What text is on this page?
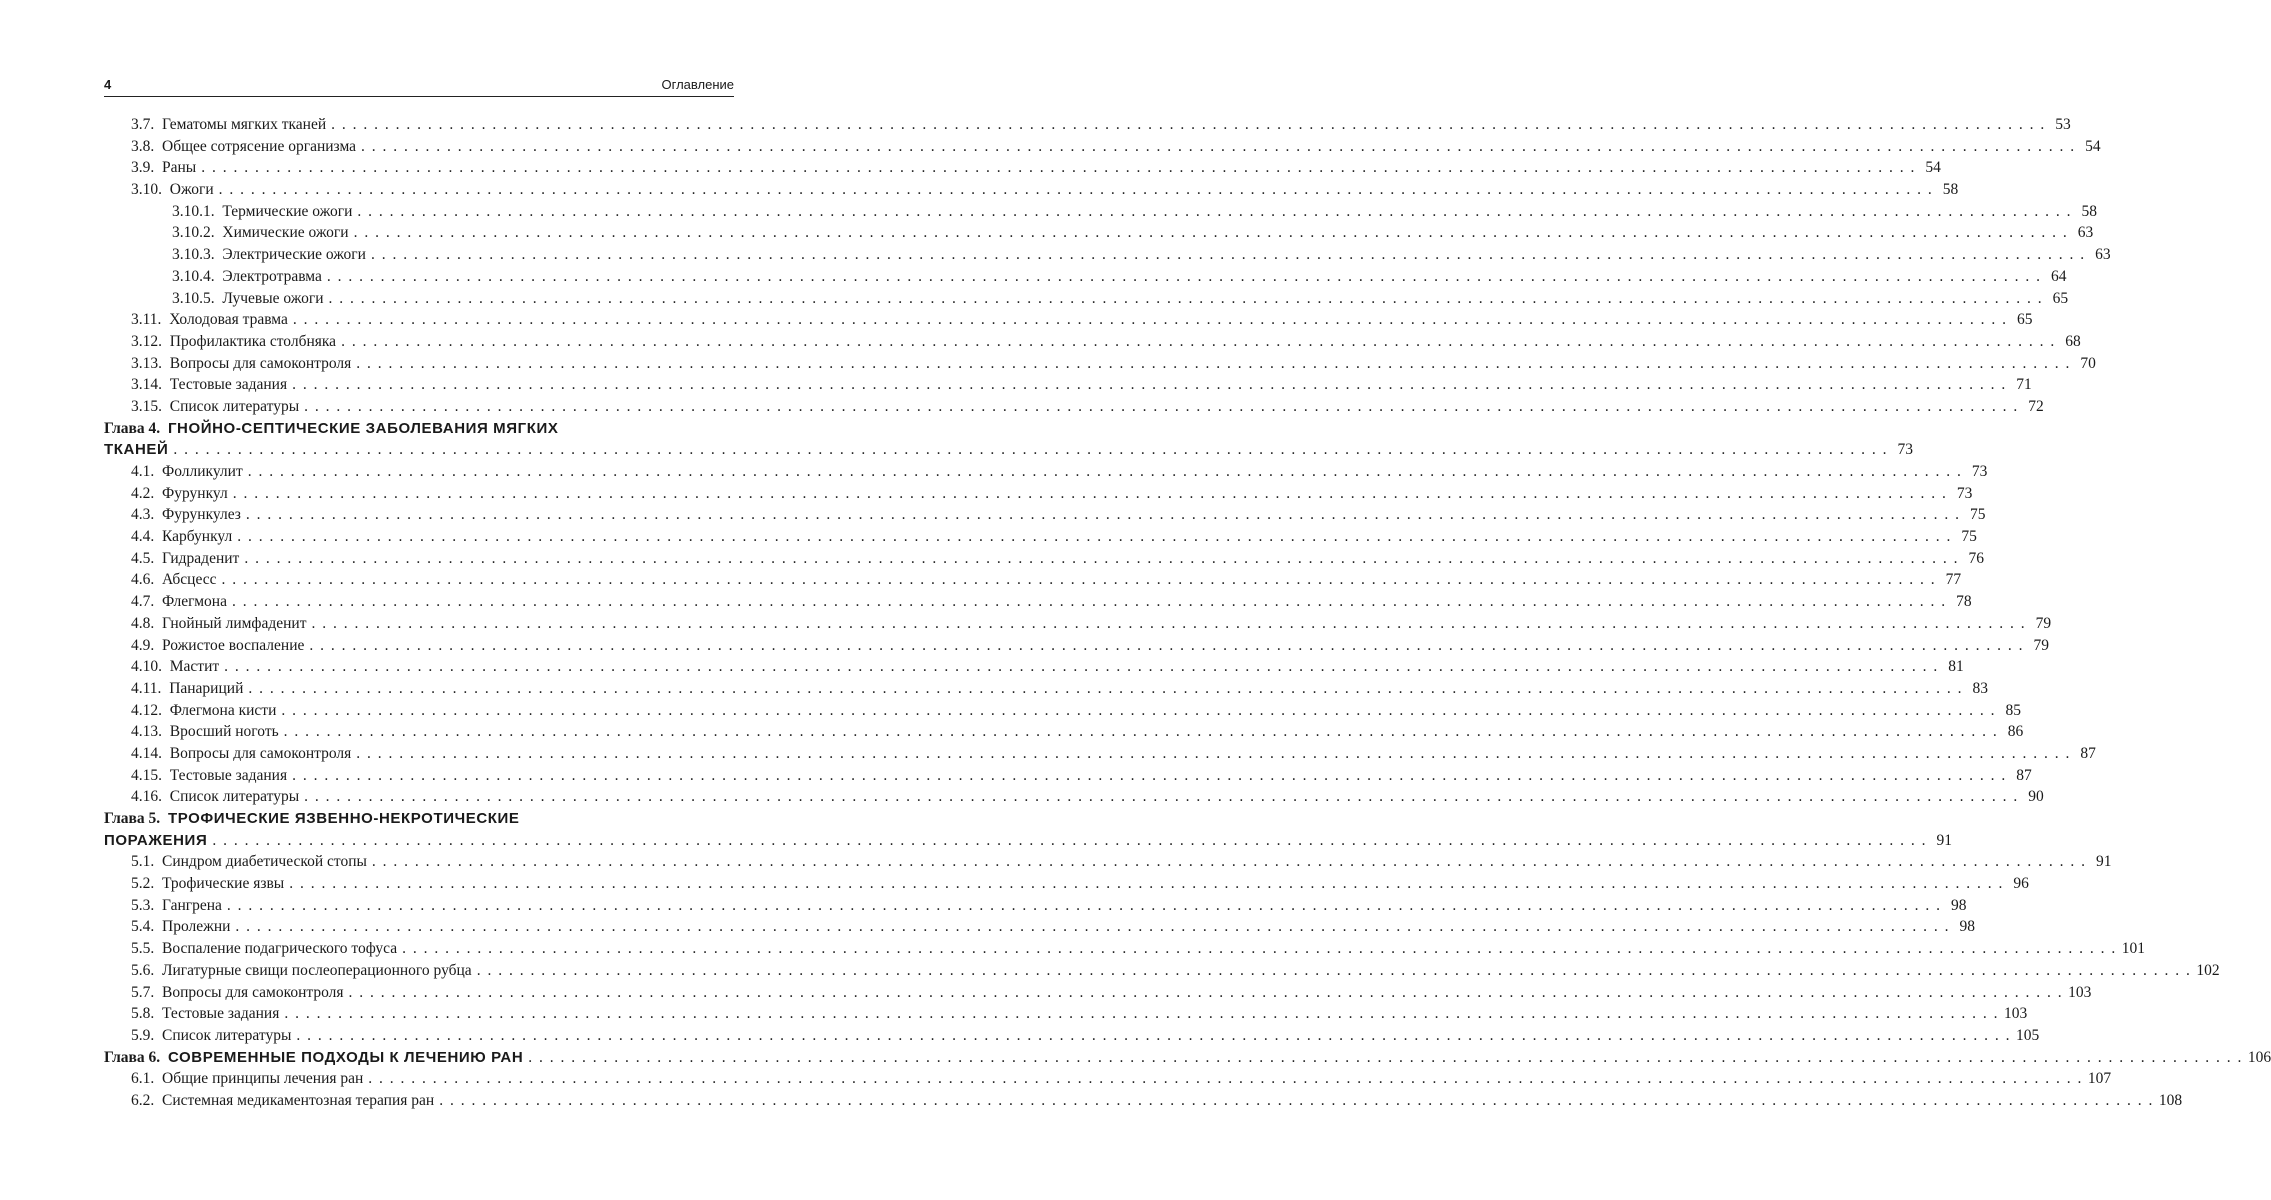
4	Оглавление
3.7.
Гематомы мягких тканей . . . . . . . . . . . . . . . . . . . . . . . . . . . . . . . . . . . . . . . . . . . . . . . . . . . . . . . . . . . . . . . . . . . . . . . . . . . . . . . . . . . . . . . . . . . . . . . . . . . . . . . . . . . . . . . . . . . . . . . . . . . . . . . . . . . . . . . . . . . . . . . . . . . . . . . . . . . . . . . . 53
3.8.
Общее сотрясение организма . . . . . . . . . . . . . . . . . . . . . . . . . . . . . . . . . . . . . . . . . . . . . . . . . . . . . . . . . . . . . . . . . . . . . . . . . . . . . . . . . . . . . . . . . . . . . . . . . . . . . . . . . . . . . . . . . . . . . . . . . . . . . . . . . . . . . . . . . . . . . . . . . . . . . . . . . . . . . . . . 54
3.9.
Раны . . . . . . . . . . . . . . . . . . . . . . . . . . . . . . . . . . . . . . . . . . . . . . . . . . . . . . . . . . . . . . . . . . . . . . . . . . . . . . . . . . . . . . . . . . . . . . . . . . . . . . . . . . . . . . . . . . . . . . . . . . . . . . . . . . . . . . . . . . . . . . . . . . . . . . . . . . . . . . . . 54
3.10.
Ожоги . . . . . . . . . . . . . . . . . . . . . . . . . . . . . . . . . . . . . . . . . . . . . . . . . . . . . . . . . . . . . . . . . . . . . . . . . . . . . . . . . . . . . . . . . . . . . . . . . . . . . . . . . . . . . . . . . . . . . . . . . . . . . . . . . . . . . . . . . . . . . . . . . . . . . . . . . . . . . . . . 58
3.10.1.
Термические ожоги . . . . . . . . . . . . . . . . . . . . . . . . . . . . . . . . . . . . . . . . . . . . . . . . . . . . . . . . . . . . . . . . . . . . . . . . . . . . . . . . . . . . . . . . . . . . . . . . . . . . . . . . . . . . . . . . . . . . . . . . . . . . . . . . . . . . . . . . . . . . . . . . . . . . . . . . . . . . . . . . 58
3.10.2.
Химические ожоги . . . . . . . . . . . . . . . . . . . . . . . . . . . . . . . . . . . . . . . . . . . . . . . . . . . . . . . . . . . . . . . . . . . . . . . . . . . . . . . . . . . . . . . . . . . . . . . . . . . . . . . . . . . . . . . . . . . . . . . . . . . . . . . . . . . . . . . . . . . . . . . . . . . . . . . . . . . . . . . . 63
3.10.3.
Электрические ожоги . . . . . . . . . . . . . . . . . . . . . . . . . . . . . . . . . . . . . . . . . . . . . . . . . . . . . . . . . . . . . . . . . . . . . . . . . . . . . . . . . . . . . . . . . . . . . . . . . . . . . . . . . . . . . . . . . . . . . . . . . . . . . . . . . . . . . . . . . . . . . . . . . . . . . . . . . . . . . . . . 63
3.10.4.
Электротравма . . . . . . . . . . . . . . . . . . . . . . . . . . . . . . . . . . . . . . . . . . . . . . . . . . . . . . . . . . . . . . . . . . . . . . . . . . . . . . . . . . . . . . . . . . . . . . . . . . . . . . . . . . . . . . . . . . . . . . . . . . . . . . . . . . . . . . . . . . . . . . . . . . . . . . . . . . . . . . . . 64
3.10.5.
Лучевые ожоги . . . . . . . . . . . . . . . . . . . . . . . . . . . . . . . . . . . . . . . . . . . . . . . . . . . . . . . . . . . . . . . . . . . . . . . . . . . . . . . . . . . . . . . . . . . . . . . . . . . . . . . . . . . . . . . . . . . . . . . . . . . . . . . . . . . . . . . . . . . . . . . . . . . . . . . . . . . . . . . . 65
3.11.
Холодовая травма . . . . . . . . . . . . . . . . . . . . . . . . . . . . . . . . . . . . . . . . . . . . . . . . . . . . . . . . . . . . . . . . . . . . . . . . . . . . . . . . . . . . . . . . . . . . . . . . . . . . . . . . . . . . . . . . . . . . . . . . . . . . . . . . . . . . . . . . . . . . . . . . . . . . . . . . . . . . . . . . 65
3.12.
Профилактика столбняка . . . . . . . . . . . . . . . . . . . . . . . . . . . . . . . . . . . . . . . . . . . . . . . . . . . . . . . . . . . . . . . . . . . . . . . . . . . . . . . . . . . . . . . . . . . . . . . . . . . . . . . . . . . . . . . . . . . . . . . . . . . . . . . . . . . . . . . . . . . . . . . . . . . . . . . . . . . . . . . . 68
3.13.
Вопросы для самоконтроля . . . . . . . . . . . . . . . . . . . . . . . . . . . . . . . . . . . . . . . . . . . . . . . . . . . . . . . . . . . . . . . . . . . . . . . . . . . . . . . . . . . . . . . . . . . . . . . . . . . . . . . . . . . . . . . . . . . . . . . . . . . . . . . . . . . . . . . . . . . . . . . . . . . . . . . . . . . . . . . . 70
3.14.
Тестовые задания . . . . . . . . . . . . . . . . . . . . . . . . . . . . . . . . . . . . . . . . . . . . . . . . . . . . . . . . . . . . . . . . . . . . . . . . . . . . . . . . . . . . . . . . . . . . . . . . . . . . . . . . . . . . . . . . . . . . . . . . . . . . . . . . . . . . . . . . . . . . . . . . . . . . . . . . . . . . . . . . 71
3.15.
Список литературы . . . . . . . . . . . . . . . . . . . . . . . . . . . . . . . . . . . . . . . . . . . . . . . . . . . . . . . . . . . . . . . . . . . . . . . . . . . . . . . . . . . . . . . . . . . . . . . . . . . . . . . . . . . . . . . . . . . . . . . . . . . . . . . . . . . . . . . . . . . . . . . . . . . . . . . . . . . . . . . . 72
Глава 4. ГНОЙНО-СЕПТИЧЕСКИЕ ЗАБОЛЕВАНИЯ МЯГКИХ
ТКАНЕЙ . . . . . . . . . . . . . . . . . . . . . . . . . . . . . . . . . . . . . . . . . . . . . . . . . . . . . . . . . . . . . . . . . . . . . . . . . . . . . . . . . . . . . . . . . . . . . . . . . . . . . . . . . . . . . . . . . . . . . . . . . . . . . . . . . . . . . . . . . . . . . . . . . . . . . . . . . . . . . . . . 73
4.1.
Фолликулит . . . . . . . . . . . . . . . . . . . . . . . . . . . . . . . . . . . . . . . . . . . . . . . . . . . . . . . . . . . . . . . . . . . . . . . . . . . . . . . . . . . . . . . . . . . . . . . . . . . . . . . . . . . . . . . . . . . . . . . . . . . . . . . . . . . . . . . . . . . . . . . . . . . . . . . . . . . . . . . . 73
4.2.
Фурункул . . . . . . . . . . . . . . . . . . . . . . . . . . . . . . . . . . . . . . . . . . . . . . . . . . . . . . . . . . . . . . . . . . . . . . . . . . . . . . . . . . . . . . . . . . . . . . . . . . . . . . . . . . . . . . . . . . . . . . . . . . . . . . . . . . . . . . . . . . . . . . . . . . . . . . . . . . . . . . . . 73
4.3.
Фурункулез . . . . . . . . . . . . . . . . . . . . . . . . . . . . . . . . . . . . . . . . . . . . . . . . . . . . . . . . . . . . . . . . . . . . . . . . . . . . . . . . . . . . . . . . . . . . . . . . . . . . . . . . . . . . . . . . . . . . . . . . . . . . . . . . . . . . . . . . . . . . . . . . . . . . . . . . . . . . . . . . 75
4.4.
Карбункул . . . . . . . . . . . . . . . . . . . . . . . . . . . . . . . . . . . . . . . . . . . . . . . . . . . . . . . . . . . . . . . . . . . . . . . . . . . . . . . . . . . . . . . . . . . . . . . . . . . . . . . . . . . . . . . . . . . . . . . . . . . . . . . . . . . . . . . . . . . . . . . . . . . . . . . . . . . . . . . . 75
4.5.
Гидраденит . . . . . . . . . . . . . . . . . . . . . . . . . . . . . . . . . . . . . . . . . . . . . . . . . . . . . . . . . . . . . . . . . . . . . . . . . . . . . . . . . . . . . . . . . . . . . . . . . . . . . . . . . . . . . . . . . . . . . . . . . . . . . . . . . . . . . . . . . . . . . . . . . . . . . . . . . . . . . . . . 76
4.6.
Абсцесс . . . . . . . . . . . . . . . . . . . . . . . . . . . . . . . . . . . . . . . . . . . . . . . . . . . . . . . . . . . . . . . . . . . . . . . . . . . . . . . . . . . . . . . . . . . . . . . . . . . . . . . . . . . . . . . . . . . . . . . . . . . . . . . . . . . . . . . . . . . . . . . . . . . . . . . . . . . . . . . . 77
4.7.
Флегмона . . . . . . . . . . . . . . . . . . . . . . . . . . . . . . . . . . . . . . . . . . . . . . . . . . . . . . . . . . . . . . . . . . . . . . . . . . . . . . . . . . . . . . . . . . . . . . . . . . . . . . . . . . . . . . . . . . . . . . . . . . . . . . . . . . . . . . . . . . . . . . . . . . . . . . . . . . . . . . . . 78
4.8.
Гнойный лимфаденит . . . . . . . . . . . . . . . . . . . . . . . . . . . . . . . . . . . . . . . . . . . . . . . . . . . . . . . . . . . . . . . . . . . . . . . . . . . . . . . . . . . . . . . . . . . . . . . . . . . . . . . . . . . . . . . . . . . . . . . . . . . . . . . . . . . . . . . . . . . . . . . . . . . . . . . . . . . . . . . . 79
4.9.
Рожистое воспаление . . . . . . . . . . . . . . . . . . . . . . . . . . . . . . . . . . . . . . . . . . . . . . . . . . . . . . . . . . . . . . . . . . . . . . . . . . . . . . . . . . . . . . . . . . . . . . . . . . . . . . . . . . . . . . . . . . . . . . . . . . . . . . . . . . . . . . . . . . . . . . . . . . . . . . . . . . . . . . . . 79
4.10.
Мастит . . . . . . . . . . . . . . . . . . . . . . . . . . . . . . . . . . . . . . . . . . . . . . . . . . . . . . . . . . . . . . . . . . . . . . . . . . . . . . . . . . . . . . . . . . . . . . . . . . . . . . . . . . . . . . . . . . . . . . . . . . . . . . . . . . . . . . . . . . . . . . . . . . . . . . . . . . . . . . . . 81
4.11.
Панариций . . . . . . . . . . . . . . . . . . . . . . . . . . . . . . . . . . . . . . . . . . . . . . . . . . . . . . . . . . . . . . . . . . . . . . . . . . . . . . . . . . . . . . . . . . . . . . . . . . . . . . . . . . . . . . . . . . . . . . . . . . . . . . . . . . . . . . . . . . . . . . . . . . . . . . . . . . . . . . . . 83
4.12.
Флегмона кисти . . . . . . . . . . . . . . . . . . . . . . . . . . . . . . . . . . . . . . . . . . . . . . . . . . . . . . . . . . . . . . . . . . . . . . . . . . . . . . . . . . . . . . . . . . . . . . . . . . . . . . . . . . . . . . . . . . . . . . . . . . . . . . . . . . . . . . . . . . . . . . . . . . . . . . . . . . . . . . . . 85
4.13.
Вросший ноготь . . . . . . . . . . . . . . . . . . . . . . . . . . . . . . . . . . . . . . . . . . . . . . . . . . . . . . . . . . . . . . . . . . . . . . . . . . . . . . . . . . . . . . . . . . . . . . . . . . . . . . . . . . . . . . . . . . . . . . . . . . . . . . . . . . . . . . . . . . . . . . . . . . . . . . . . . . . . . . . . 86
4.14.
Вопросы для самоконтроля . . . . . . . . . . . . . . . . . . . . . . . . . . . . . . . . . . . . . . . . . . . . . . . . . . . . . . . . . . . . . . . . . . . . . . . . . . . . . . . . . . . . . . . . . . . . . . . . . . . . . . . . . . . . . . . . . . . . . . . . . . . . . . . . . . . . . . . . . . . . . . . . . . . . . . . . . . . . . . . . 87
4.15.
Тестовые задания . . . . . . . . . . . . . . . . . . . . . . . . . . . . . . . . . . . . . . . . . . . . . . . . . . . . . . . . . . . . . . . . . . . . . . . . . . . . . . . . . . . . . . . . . . . . . . . . . . . . . . . . . . . . . . . . . . . . . . . . . . . . . . . . . . . . . . . . . . . . . . . . . . . . . . . . . . . . . . . . 87
4.16.
Список литературы . . . . . . . . . . . . . . . . . . . . . . . . . . . . . . . . . . . . . . . . . . . . . . . . . . . . . . . . . . . . . . . . . . . . . . . . . . . . . . . . . . . . . . . . . . . . . . . . . . . . . . . . . . . . . . . . . . . . . . . . . . . . . . . . . . . . . . . . . . . . . . . . . . . . . . . . . . . . . . . . 90
Глава 5. ТРОФИЧЕСКИЕ ЯЗВЕННО-НЕКРОТИЧЕСКИЕ
ПОРАЖЕНИЯ . . . . . . . . . . . . . . . . . . . . . . . . . . . . . . . . . . . . . . . . . . . . . . . . . . . . . . . . . . . . . . . . . . . . . . . . . . . . . . . . . . . . . . . . . . . . . . . . . . . . . . . . . . . . . . . . . . . . . . . . . . . . . . . . . . . . . . . . . . . . . . . . . . . . . . . . . . . . . . . . 91
5.1.
Синдром диабетической стопы . . . . . . . . . . . . . . . . . . . . . . . . . . . . . . . . . . . . . . . . . . . . . . . . . . . . . . . . . . . . . . . . . . . . . . . . . . . . . . . . . . . . . . . . . . . . . . . . . . . . . . . . . . . . . . . . . . . . . . . . . . . . . . . . . . . . . . . . . . . . . . . . . . . . . . . . . . . . . . . . 91
5.2.
Трофические язвы . . . . . . . . . . . . . . . . . . . . . . . . . . . . . . . . . . . . . . . . . . . . . . . . . . . . . . . . . . . . . . . . . . . . . . . . . . . . . . . . . . . . . . . . . . . . . . . . . . . . . . . . . . . . . . . . . . . . . . . . . . . . . . . . . . . . . . . . . . . . . . . . . . . . . . . . . . . . . . . . 96
5.3.
Гангрена . . . . . . . . . . . . . . . . . . . . . . . . . . . . . . . . . . . . . . . . . . . . . . . . . . . . . . . . . . . . . . . . . . . . . . . . . . . . . . . . . . . . . . . . . . . . . . . . . . . . . . . . . . . . . . . . . . . . . . . . . . . . . . . . . . . . . . . . . . . . . . . . . . . . . . . . . . . . . . . . 98
5.4.
Пролежни . . . . . . . . . . . . . . . . . . . . . . . . . . . . . . . . . . . . . . . . . . . . . . . . . . . . . . . . . . . . . . . . . . . . . . . . . . . . . . . . . . . . . . . . . . . . . . . . . . . . . . . . . . . . . . . . . . . . . . . . . . . . . . . . . . . . . . . . . . . . . . . . . . . . . . . . . . . . . . . . 98
5.5.
Воспаление подагрического тофуса . . . . . . . . . . . . . . . . . . . . . . . . . . . . . . . . . . . . . . . . . . . . . . . . . . . . . . . . . . . . . . . . . . . . . . . . . . . . . . . . . . . . . . . . . . . . . . . . . . . . . . . . . . . . . . . . . . . . . . . . . . . . . . . . . . . . . . . . . . . . . . . . . . . . . . . . . . . . . . . . 101
5.6.
Лигатурные свищи послеоперационного рубца . . . . . . . . . . . . . . . . . . . . . . . . . . . . . . . . . . . . . . . . . . . . . . . . . . . . . . . . . . . . . . . . . . . . . . . . . . . . . . . . . . . . . . . . . . . . . . . . . . . . . . . . . . . . . . . . . . . . . . . . . . . . . . . . . . . . . . . . . . . . . . . . . . . . . . . . . . . . . . . . 102
5.7.
Вопросы для самоконтроля . . . . . . . . . . . . . . . . . . . . . . . . . . . . . . . . . . . . . . . . . . . . . . . . . . . . . . . . . . . . . . . . . . . . . . . . . . . . . . . . . . . . . . . . . . . . . . . . . . . . . . . . . . . . . . . . . . . . . . . . . . . . . . . . . . . . . . . . . . . . . . . . . . . . . . . . . . . . . . . . 103
5.8.
Тестовые задания . . . . . . . . . . . . . . . . . . . . . . . . . . . . . . . . . . . . . . . . . . . . . . . . . . . . . . . . . . . . . . . . . . . . . . . . . . . . . . . . . . . . . . . . . . . . . . . . . . . . . . . . . . . . . . . . . . . . . . . . . . . . . . . . . . . . . . . . . . . . . . . . . . . . . . . . . . . . . . . . 103
5.9.
Список литературы . . . . . . . . . . . . . . . . . . . . . . . . . . . . . . . . . . . . . . . . . . . . . . . . . . . . . . . . . . . . . . . . . . . . . . . . . . . . . . . . . . . . . . . . . . . . . . . . . . . . . . . . . . . . . . . . . . . . . . . . . . . . . . . . . . . . . . . . . . . . . . . . . . . . . . . . . . . . . . . . 105
Глава 6.
СОВРЕМЕННЫЕ ПОДХОДЫ К ЛЕЧЕНИЮ РАН . . . . . . . . . . . . . . . . . . . . . . . . . . . . . . . . . . . . . . . . . . . . . . . . . . . . . . . . . . . . . . . . . . . . . . . . . . . . . . . . . . . . . . . . . . . . . . . . . . . . . . . . . . . . . . . . . . . . . . . . . . . . . . . . . . . . . . . . . . . . . . . . . . . . . . . . . . . . . . . . 106
6.1.
Общие принципы лечения ран . . . . . . . . . . . . . . . . . . . . . . . . . . . . . . . . . . . . . . . . . . . . . . . . . . . . . . . . . . . . . . . . . . . . . . . . . . . . . . . . . . . . . . . . . . . . . . . . . . . . . . . . . . . . . . . . . . . . . . . . . . . . . . . . . . . . . . . . . . . . . . . . . . . . . . . . . . . . . . . . 107
6.2.
Системная медикаментозная терапия ран . . . . . . . . . . . . . . . . . . . . . . . . . . . . . . . . . . . . . . . . . . . . . . . . . . . . . . . . . . . . . . . . . . . . . . . . . . . . . . . . . . . . . . . . . . . . . . . . . . . . . . . . . . . . . . . . . . . . . . . . . . . . . . . . . . . . . . . . . . . . . . . . . . . . . . . . . . . . . . . . 108
